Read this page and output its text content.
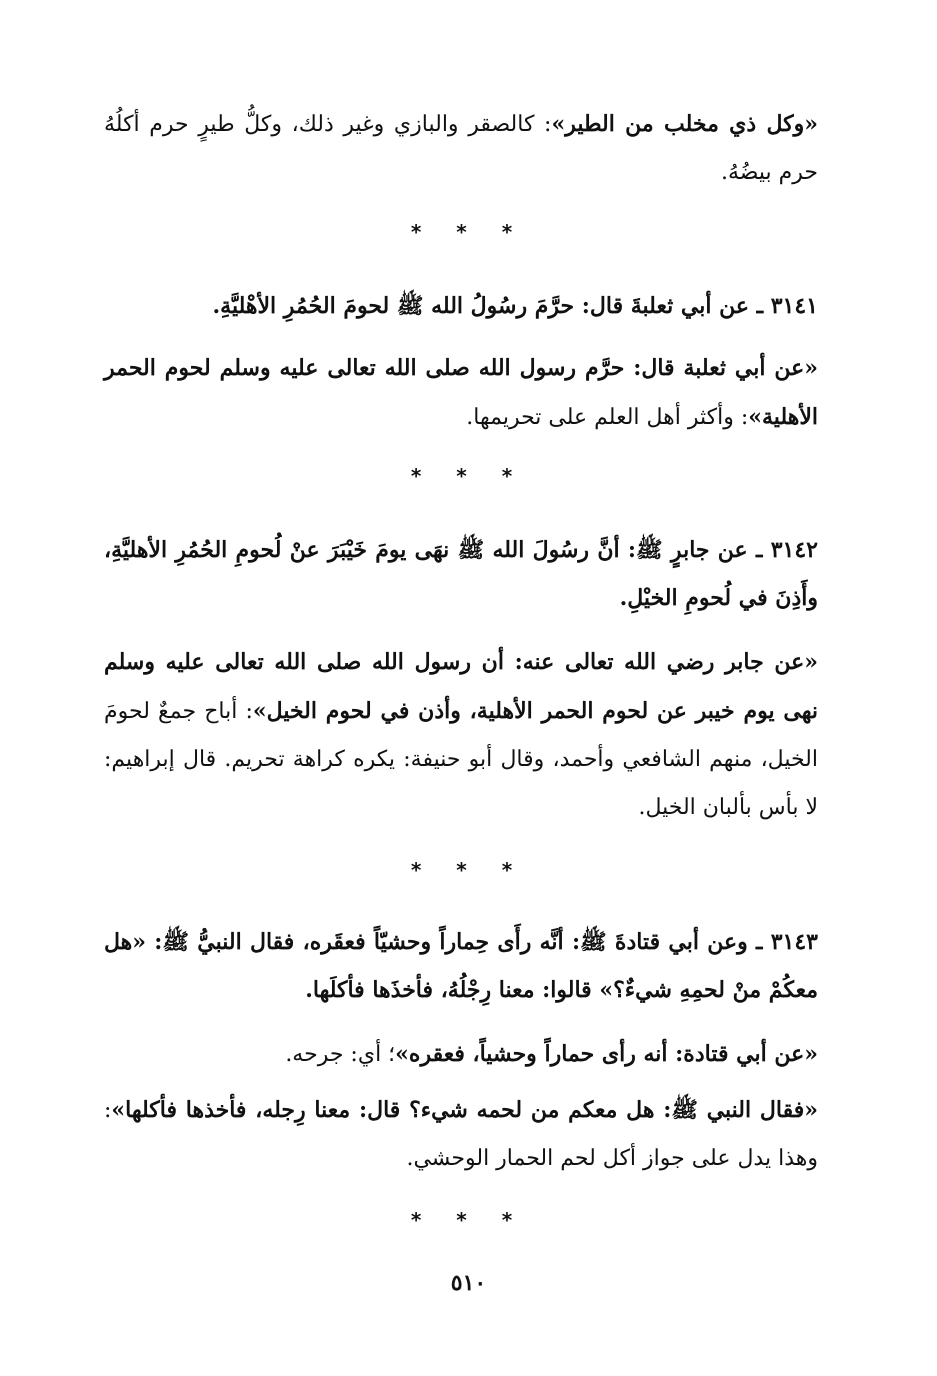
«وكل ذي مخلب من الطير»: كالصقر والبازي وغير ذلك، وكلُّ طيرٍ حرم أكلُهُ حرم بيضُهُ.

* * *

٣١٤١ ـ عن أبي ثعلبةَ قال: حرَّمَ رسُولُ الله ﷺ لحومَ الحُمُرِ الأهْليَّةِ.

«عن أبي ثعلبة قال: حرَّم رسول الله صلى الله تعالى عليه وسلم لحوم الحمر الأهلية»: وأكثر أهل العلم على تحريمها.

* * *

٣١٤٢ ـ عن جابرٍ ﷺ: أنَّ رسُولَ الله ﷺ نهَى يومَ خَيْبَرَ عنْ لُحومِ الحُمُرِ الأهليَّةِ، وأَذِنَ في لُحومِ الخيْلِ.

«عن جابر رضي الله تعالى عنه: أن رسول الله صلى الله تعالى عليه وسلم نهى يوم خيبر عن لحوم الحمر الأهلية، وأذن في لحوم الخيل»: أباح جمعٌ لحومَ الخيل، منهم الشافعي وأحمد، وقال أبو حنيفة: يكره كراهة تحريم. قال إبراهيم: لا بأس بألبان الخيل.

* * *

٣١٤٣ ـ وعن أبي قتادةَ ﷺ: أنَّه رأَى حِماراً وحشيّاً فعقَره، فقال النبيُّ ﷺ: «هل معكُمْ منْ لحمِهِ شيءٌ؟» قالوا: معنا رِجْلُهُ، فأخذَها فأكلَها.

«عن أبي قتادة: أنه رأى حماراً وحشياً، فعقره»؛ أي: جرحه.

«فقال النبي ﷺ: هل معكم من لحمه شيء؟ قال: معنا رِجله، فأخذها فأكلها»: وهذا يدل على جواز أكل لحم الحمار الوحشي.

* * *
٥١٠
